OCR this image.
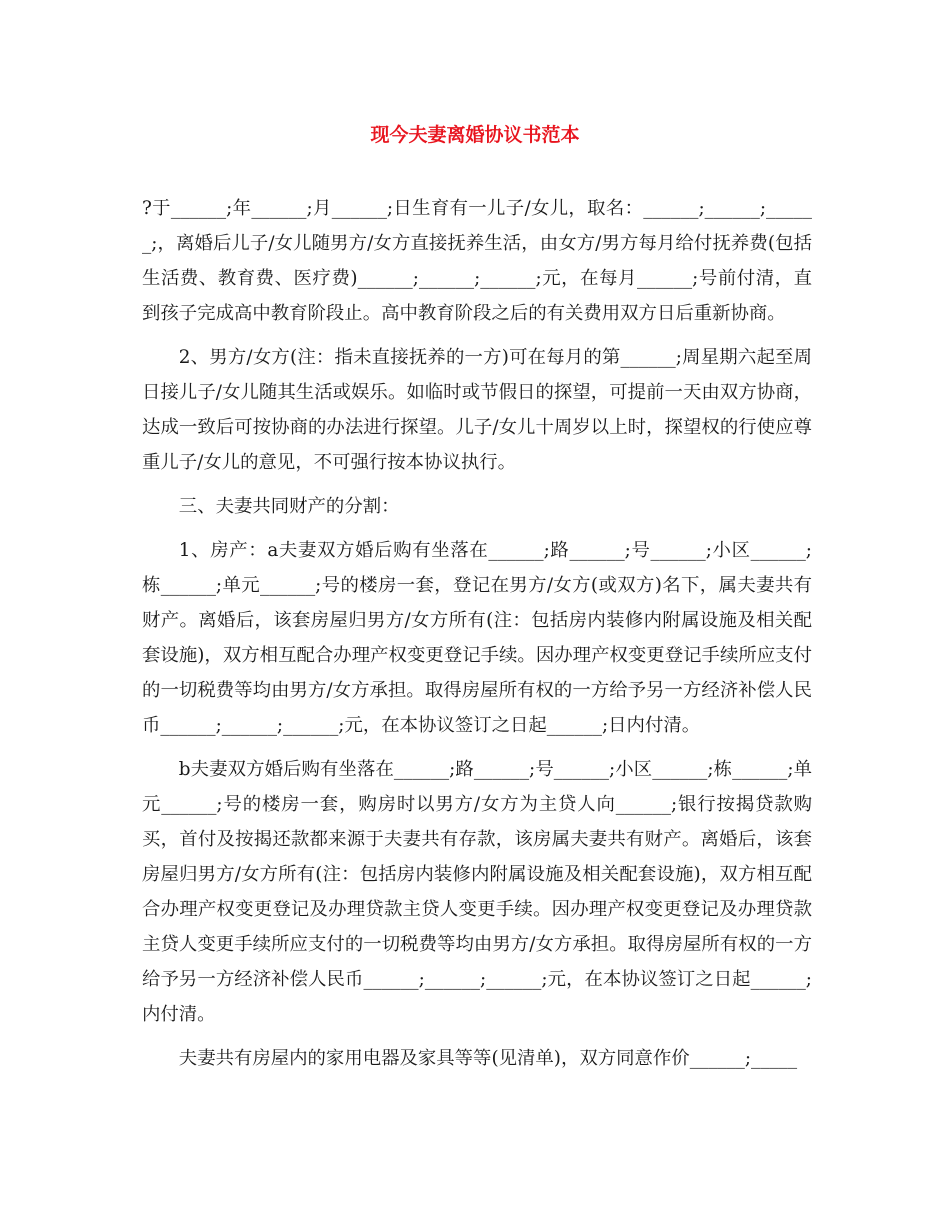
现今夫妻离婚协议书范本

?于______;年______;月______;日生育有一儿子/女儿，取名：______;______;______;，离婚后儿子/女儿随男方/女方直接抚养生活，由女方/男方每月给付抚养费(包括生活费、教育费、医疗费)______;______;______;元，在每月______;号前付清，直到孩子完成高中教育阶段止。高中教育阶段之后的有关费用双方日后重新协商。

2、男方/女方(注：指未直接抚养的一方)可在每月的第______;周星期六起至周日接儿子/女儿随其生活或娱乐。如临时或节假日的探望，可提前一天由双方协商，达成一致后可按协商的办法进行探望。儿子/女儿十周岁以上时，探望权的行使应尊重儿子/女儿的意见，不可强行按本协议执行。

三、夫妻共同财产的分割：

1、房产：a夫妻双方婚后购有坐落在______;路______;号______;小区______;栋______;单元______;号的楼房一套，登记在男方/女方(或双方)名下，属夫妻共有财产。离婚后，该套房屋归男方/女方所有(注：包括房内装修内附属设施及相关配套设施)，双方相互配合办理产权变更登记手续。因办理产权变更登记手续所应支付的一切税费等均由男方/女方承担。取得房屋所有权的一方给予另一方经济补偿人民币______;______;______;元，在本协议签订之日起______;日内付清。

b夫妻双方婚后购有坐落在______;路______;号______;小区______;栋______;单元______;号的楼房一套，购房时以男方/女方为主贷人向______;银行按揭贷款购买，首付及按揭还款都来源于夫妻共有存款，该房属夫妻共有财产。离婚后，该套房屋归男方/女方所有(注：包括房内装修内附属设施及相关配套设施)，双方相互配合办理产权变更登记及办理贷款主贷人变更手续。因办理产权变更登记及办理贷款主贷人变更手续所应支付的一切税费等均由男方/女方承担。取得房屋所有权的一方给予另一方经济补偿人民币______;______;______;元，在本协议签订之日起______;内付清。

夫妻共有房屋内的家用电器及家具等等(见清单)，双方同意作价______;_____
